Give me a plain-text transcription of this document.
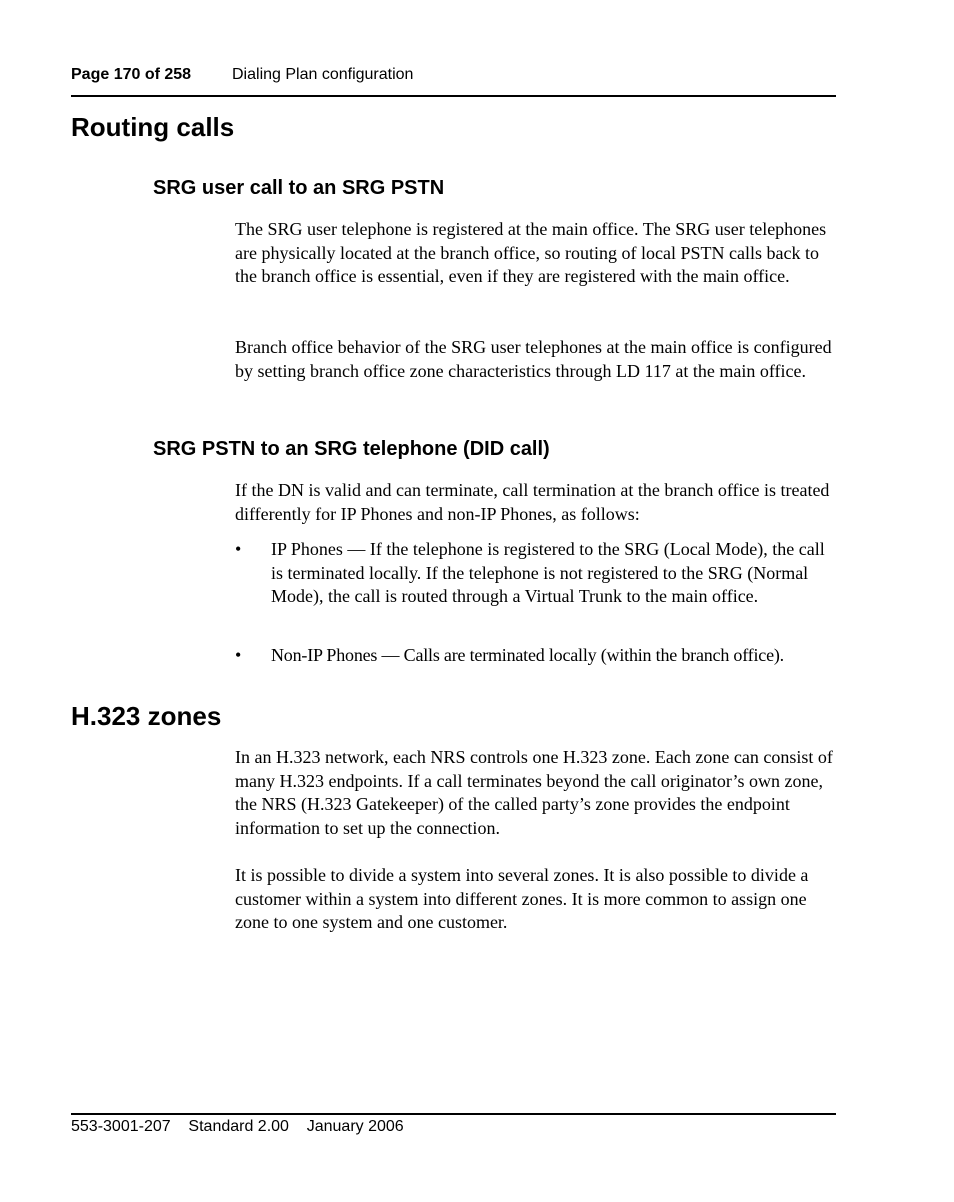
Page 170 of 258	Dialing Plan configuration
Routing calls
SRG user call to an SRG PSTN

The SRG user telephone is registered at the main office. The SRG user telephones are physically located at the branch office, so routing of local PSTN calls back to the branch office is essential, even if they are registered with the main office.

Branch office behavior of the SRG user telephones at the main office is configured by setting branch office zone characteristics through LD 117 at the main office.

SRG PSTN to an SRG telephone (DID call)

If the DN is valid and can terminate, call termination at the branch office is treated differently for IP Phones and non-IP Phones, as follows:

• IP Phones — If the telephone is registered to the SRG (Local Mode), the call is terminated locally. If the telephone is not registered to the SRG (Normal Mode), the call is routed through a Virtual Trunk to the main office.
• Non-IP Phones — Calls are terminated locally (within the branch office).
H.323 zones

In an H.323 network, each NRS controls one H.323 zone. Each zone can consist of many H.323 endpoints. If a call terminates beyond the call originator’s own zone, the NRS (H.323 Gatekeeper) of the called party’s zone provides the endpoint information to set up the connection.

It is possible to divide a system into several zones. It is also possible to divide a customer within a system into different zones. It is more common to assign one zone to one system and one customer.

553-3001-207 Standard 2.00 January 2006
